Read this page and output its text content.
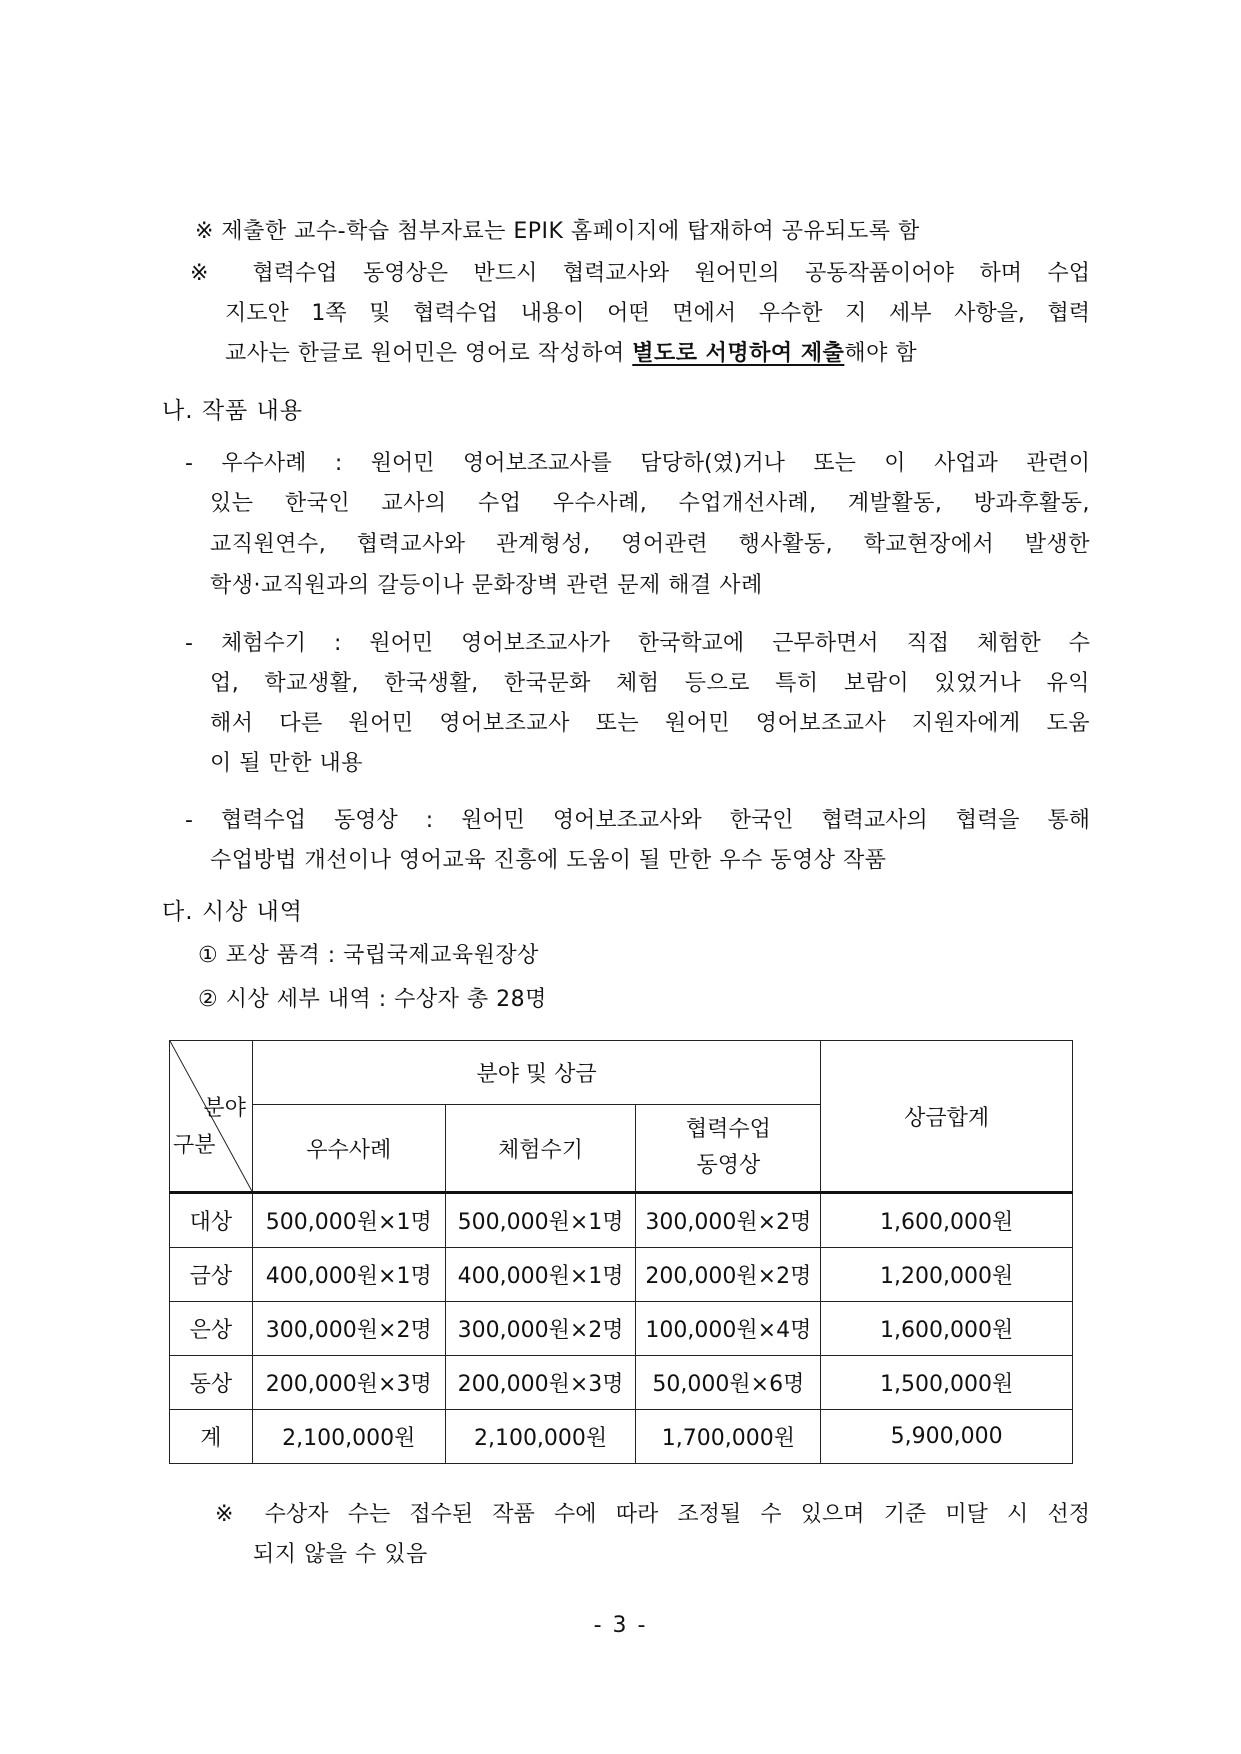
※ 제출한 교수-학습 첨부자료는 EPIK 홈페이지에 탑재하여 공유되도록 함
※ 협력수업 동영상은 반드시 협력교사와 원어민의 공동작품이어야 하며 수업
지도안 1쪽 및 협력수업 내용이 어떤 면에서 우수한 지 세부 사항을, 협력
교사는 한글로 원어민은 영어로 작성하여 별도로 서명하여 제출해야 함
나. 작품 내용
- 우수사례 : 원어민 영어보조교사를 담당하(였)거나 또는 이 사업과 관련이
있는 한국인 교사의 수업 우수사례, 수업개선사례, 계발활동, 방과후활동,
교직원연수, 협력교사와 관계형성, 영어관련 행사활동, 학교현장에서 발생한
학생·교직원과의 갈등이나 문화장벽 관련 문제 해결 사례
- 체험수기 : 원어민 영어보조교사가 한국학교에 근무하면서 직접 체험한 수
업, 학교생활, 한국생활, 한국문화 체험 등으로 특히 보람이 있었거나 유익
해서 다른 원어민 영어보조교사 또는 원어민 영어보조교사 지원자에게 도움
이 될 만한 내용
- 협력수업 동영상 : 원어민 영어보조교사와 한국인 협력교사의 협력을 통해
수업방법 개선이나 영어교육 진흥에 도움이 될 만한 우수 동영상 작품
다. 시상 내역
① 포상 품격 : 국립국제교육원장상
② 시상 세부 내역 : 수상자 총 28명
분야
구분	분야 및 상금			상금합계
	우수사례	체험수기	협력수업
동영상	

대상	500,000원×1명	500,000원×1명	300,000원×2명	1,600,000원
금상	400,000원×1명	400,000원×1명	200,000원×2명	1,200,000원
은상	300,000원×2명	300,000원×2명	100,000원×4명	1,600,000원
동상	200,000원×3명	200,000원×3명	50,000원×6명	1,500,000원
계	2,100,000원	2,100,000원	1,700,000원	5,900,000
※ 수상자 수는 접수된 작품 수에 따라 조정될 수 있으며 기준 미달 시 선정
되지 않을 수 있음
- 3 -
